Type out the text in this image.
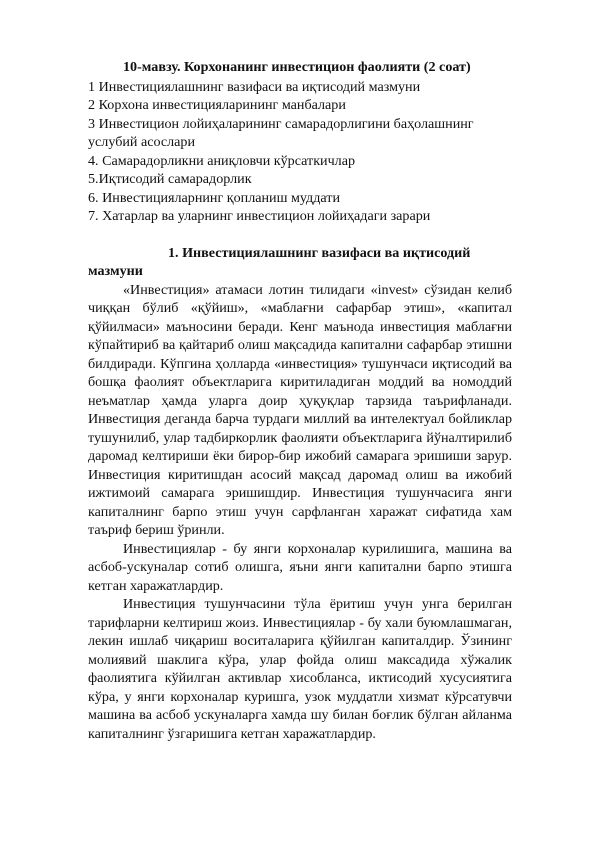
10-мавзу. Корхонанинг инвестицион фаолияти (2 соат)
1 Инвестициялашнинг вазифаси ва иқтисодий мазмуни
2 Корхона инвестицияларининг манбалари
3 Инвестицион лойиҳаларининг самарадорлигини баҳолашнинг услубий асослари
4. Самарадорликни аниқловчи кўрсаткичлар
5.Иқтисодий самарадорлик
6. Инвестицияларнинг қопланиш муддати
7. Хатарлар ва уларнинг инвестицион лойиҳадаги зарари
1. Инвестициялашнинг вазифаси ва иқтисодий мазмуни

«Инвестиция» атамаси лотин тилидаги «invest» сўзидан келиб чиққан бўлиб «қўйиш», «маблағни сафарбар этиш», «капитал қўйилмаси» маъносини беради. Кенг маънода инвестиция маблағни кўпайтириб ва қайтариб олиш мақсадида капитални сафарбар этишни билдиради. Кўпгина ҳолларда «инвестиция» тушунчаси иқтисодий ва бошқа фаолият объектларига киритиладиган моддий ва номоддий неъматлар ҳамда уларга доир ҳуқуқлар тарзида таърифланади. Инвестиция деганда барча турдаги миллий ва интелектуал бойликлар тушунилиб, улар тадбиркорлик фаолияти объектларига йўналтирилиб даромад келтириши ёки бирор-бир ижобий самарага эришиши зарур. Инвестиция киритишдан асосий мақсад даромад олиш ва ижобий ижтимоий самарага эришишдир. Инвестиция тушунчасига янги капиталнинг барпо этиш учун сарфланган харажат сифатида хам таъриф бериш ўринли.

Инвестициялар - бу янги корхоналар курилишига, машина ва асбоб-ускуналар сотиб олишга, яъни янги капитални барпо этишга кетган харажатлардир.

Инвестиция тушунчасини тўла ёритиш учун унга берилган тарифларни келтириш жоиз. Инвестициялар - бу хали буюмлашмаган, лекин ишлаб чиқариш воситаларига қўйилган капиталдир. Ўзининг молиявий шаклига кўра, улар фойда олиш максадида хўжалик фаолиятига кўйилган активлар хисобланса, иктисодий хусусиятига кўра, у янги корхоналар куришга, узок муддатли хизмат кўрсатувчи машина ва асбоб ускуналарга хамда шу билан боғлик бўлган айланма капиталнинг ўзгаришига кетган харажатлардир.
